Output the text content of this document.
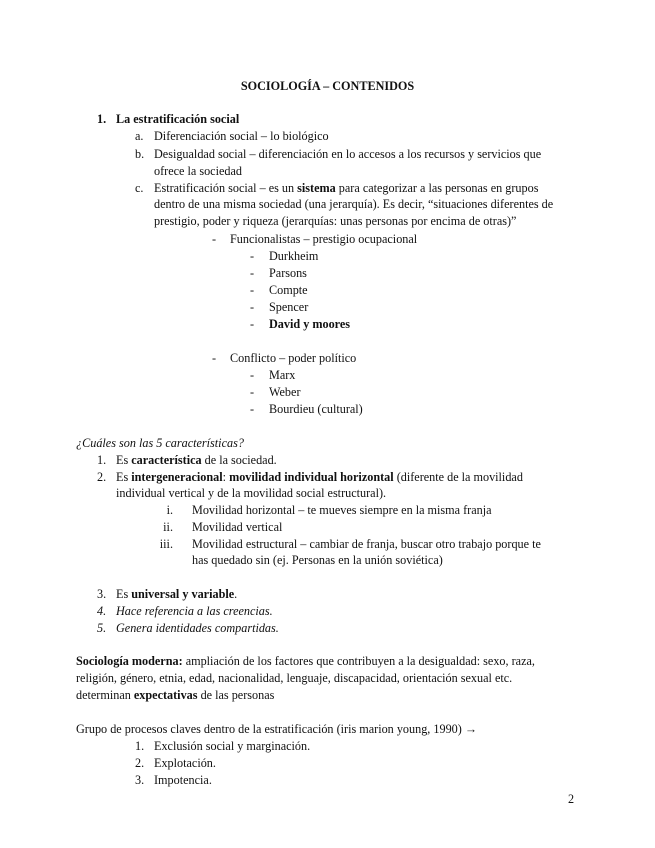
SOCIOLOGÍA – CONTENIDOS
1. La estratificación social
a. Diferenciación social – lo biológico
b. Desigualdad social – diferenciación en lo accesos a los recursos y servicios que
ofrece la sociedad
c. Estratificación social – es un sistema para categorizar a las personas en grupos
dentro de una misma sociedad (una jerarquía). Es decir, “situaciones diferentes de
prestigio, poder y riqueza (jerarquías: unas personas por encima de otras)”
- Funcionalistas – prestigio ocupacional
- Durkheim
- Parsons
- Compte
- Spencer
- David y moores
- Conflicto – poder político
- Marx
- Weber
- Bourdieu (cultural)
¿Cuáles son las 5 características?
1. Es característica de la sociedad.
2. Es intergeneracional: movilidad individual horizontal (diferente de la movilidad
individual vertical y de la movilidad social estructural).
i. Movilidad horizontal – te mueves siempre en la misma franja
ii. Movilidad vertical
iii. Movilidad estructural – cambiar de franja, buscar otro trabajo porque te
has quedado sin (ej. Personas en la unión soviética)
3. Es universal y variable.
4. Hace referencia a las creencias.
5. Genera identidades compartidas.
Sociología moderna: ampliación de los factores que contribuyen a la desigualdad: sexo, raza,
religión, género, etnia, edad, nacionalidad, lenguaje, discapacidad, orientación sexual etc.
determinan expectativas de las personas
Grupo de procesos claves dentro de la estratificación (iris marion young, 1990) →
1. Exclusión social y marginación.
2. Explotación.
3. Impotencia.
2
